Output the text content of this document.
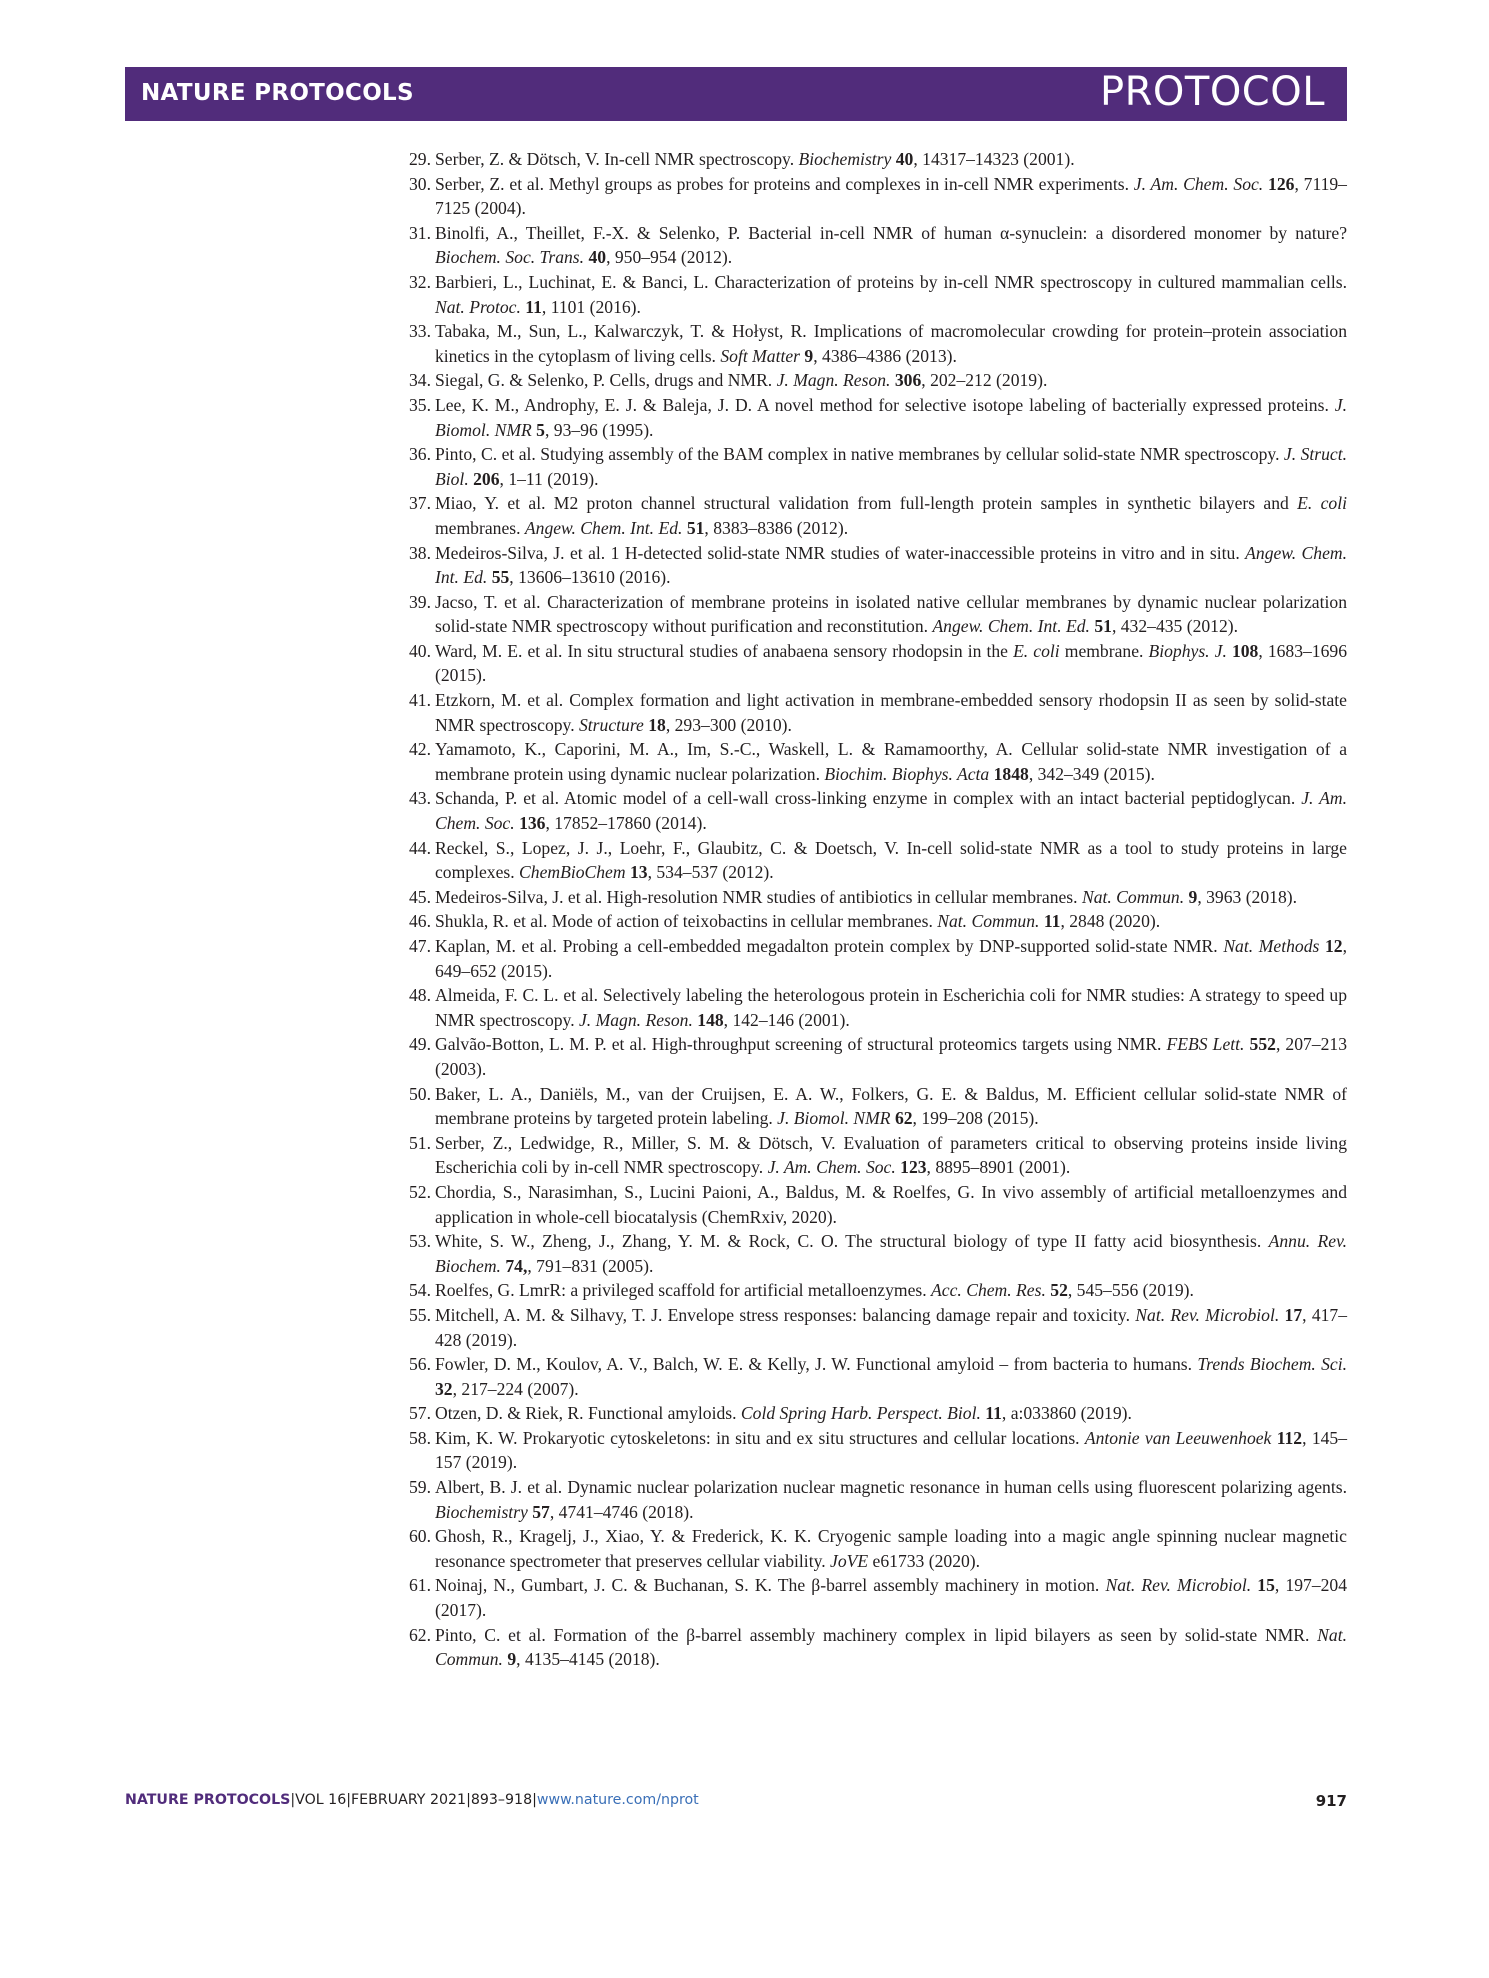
NATURE PROTOCOLS	PROTOCOL
29. Serber, Z. & Dötsch, V. In-cell NMR spectroscopy. Biochemistry 40, 14317–14323 (2001).
30. Serber, Z. et al. Methyl groups as probes for proteins and complexes in in-cell NMR experiments. J. Am. Chem. Soc. 126, 7119–7125 (2004).
31. Binolfi, A., Theillet, F.-X. & Selenko, P. Bacterial in-cell NMR of human α-synuclein: a disordered monomer by nature? Biochem. Soc. Trans. 40, 950–954 (2012).
32. Barbieri, L., Luchinat, E. & Banci, L. Characterization of proteins by in-cell NMR spectroscopy in cultured mammalian cells. Nat. Protoc. 11, 1101 (2016).
33. Tabaka, M., Sun, L., Kalwarczyk, T. & Hołyst, R. Implications of macromolecular crowding for protein–protein association kinetics in the cytoplasm of living cells. Soft Matter 9, 4386–4386 (2013).
34. Siegal, G. & Selenko, P. Cells, drugs and NMR. J. Magn. Reson. 306, 202–212 (2019).
35. Lee, K. M., Androphy, E. J. & Baleja, J. D. A novel method for selective isotope labeling of bacterially expressed proteins. J. Biomol. NMR 5, 93–96 (1995).
36. Pinto, C. et al. Studying assembly of the BAM complex in native membranes by cellular solid-state NMR spectroscopy. J. Struct. Biol. 206, 1–11 (2019).
37. Miao, Y. et al. M2 proton channel structural validation from full-length protein samples in synthetic bilayers and E. coli membranes. Angew. Chem. Int. Ed. 51, 8383–8386 (2012).
38. Medeiros-Silva, J. et al. 1 H-detected solid-state NMR studies of water-inaccessible proteins in vitro and in situ. Angew. Chem. Int. Ed. 55, 13606–13610 (2016).
39. Jacso, T. et al. Characterization of membrane proteins in isolated native cellular membranes by dynamic nuclear polarization solid-state NMR spectroscopy without purification and reconstitution. Angew. Chem. Int. Ed. 51, 432–435 (2012).
40. Ward, M. E. et al. In situ structural studies of anabaena sensory rhodopsin in the E. coli membrane. Biophys. J. 108, 1683–1696 (2015).
41. Etzkorn, M. et al. Complex formation and light activation in membrane-embedded sensory rhodopsin II as seen by solid-state NMR spectroscopy. Structure 18, 293–300 (2010).
42. Yamamoto, K., Caporini, M. A., Im, S.-C., Waskell, L. & Ramamoorthy, A. Cellular solid-state NMR investigation of a membrane protein using dynamic nuclear polarization. Biochim. Biophys. Acta 1848, 342–349 (2015).
43. Schanda, P. et al. Atomic model of a cell-wall cross-linking enzyme in complex with an intact bacterial peptidoglycan. J. Am. Chem. Soc. 136, 17852–17860 (2014).
44. Reckel, S., Lopez, J. J., Loehr, F., Glaubitz, C. & Doetsch, V. In-cell solid-state NMR as a tool to study proteins in large complexes. ChemBioChem 13, 534–537 (2012).
45. Medeiros-Silva, J. et al. High-resolution NMR studies of antibiotics in cellular membranes. Nat. Commun. 9, 3963 (2018).
46. Shukla, R. et al. Mode of action of teixobactins in cellular membranes. Nat. Commun. 11, 2848 (2020).
47. Kaplan, M. et al. Probing a cell-embedded megadalton protein complex by DNP-supported solid-state NMR. Nat. Methods 12, 649–652 (2015).
48. Almeida, F. C. L. et al. Selectively labeling the heterologous protein in Escherichia coli for NMR studies: A strategy to speed up NMR spectroscopy. J. Magn. Reson. 148, 142–146 (2001).
49. Galvão-Botton, L. M. P. et al. High-throughput screening of structural proteomics targets using NMR. FEBS Lett. 552, 207–213 (2003).
50. Baker, L. A., Daniëls, M., van der Cruijsen, E. A. W., Folkers, G. E. & Baldus, M. Efficient cellular solid-state NMR of membrane proteins by targeted protein labeling. J. Biomol. NMR 62, 199–208 (2015).
51. Serber, Z., Ledwidge, R., Miller, S. M. & Dötsch, V. Evaluation of parameters critical to observing proteins inside living Escherichia coli by in-cell NMR spectroscopy. J. Am. Chem. Soc. 123, 8895–8901 (2001).
52. Chordia, S., Narasimhan, S., Lucini Paioni, A., Baldus, M. & Roelfes, G. In vivo assembly of artificial metalloenzymes and application in whole-cell biocatalysis (ChemRxiv, 2020).
53. White, S. W., Zheng, J., Zhang, Y. M. & Rock, C. O. The structural biology of type II fatty acid biosynthesis. Annu. Rev. Biochem. 74,, 791–831 (2005).
54. Roelfes, G. LmrR: a privileged scaffold for artificial metalloenzymes. Acc. Chem. Res. 52, 545–556 (2019).
55. Mitchell, A. M. & Silhavy, T. J. Envelope stress responses: balancing damage repair and toxicity. Nat. Rev. Microbiol. 17, 417–428 (2019).
56. Fowler, D. M., Koulov, A. V., Balch, W. E. & Kelly, J. W. Functional amyloid – from bacteria to humans. Trends Biochem. Sci. 32, 217–224 (2007).
57. Otzen, D. & Riek, R. Functional amyloids. Cold Spring Harb. Perspect. Biol. 11, a:033860 (2019).
58. Kim, K. W. Prokaryotic cytoskeletons: in situ and ex situ structures and cellular locations. Antonie van Leeuwenhoek 112, 145–157 (2019).
59. Albert, B. J. et al. Dynamic nuclear polarization nuclear magnetic resonance in human cells using fluorescent polarizing agents. Biochemistry 57, 4741–4746 (2018).
60. Ghosh, R., Kragelj, J., Xiao, Y. & Frederick, K. K. Cryogenic sample loading into a magic angle spinning nuclear magnetic resonance spectrometer that preserves cellular viability. JoVE e61733 (2020).
61. Noinaj, N., Gumbart, J. C. & Buchanan, S. K. The β-barrel assembly machinery in motion. Nat. Rev. Microbiol. 15, 197–204 (2017).
62. Pinto, C. et al. Formation of the β-barrel assembly machinery complex in lipid bilayers as seen by solid-state NMR. Nat. Commun. 9, 4135–4145 (2018).
NATURE PROTOCOLS|VOL 16|FEBRUARY 2021|893–918|www.nature.com/nprot	917
